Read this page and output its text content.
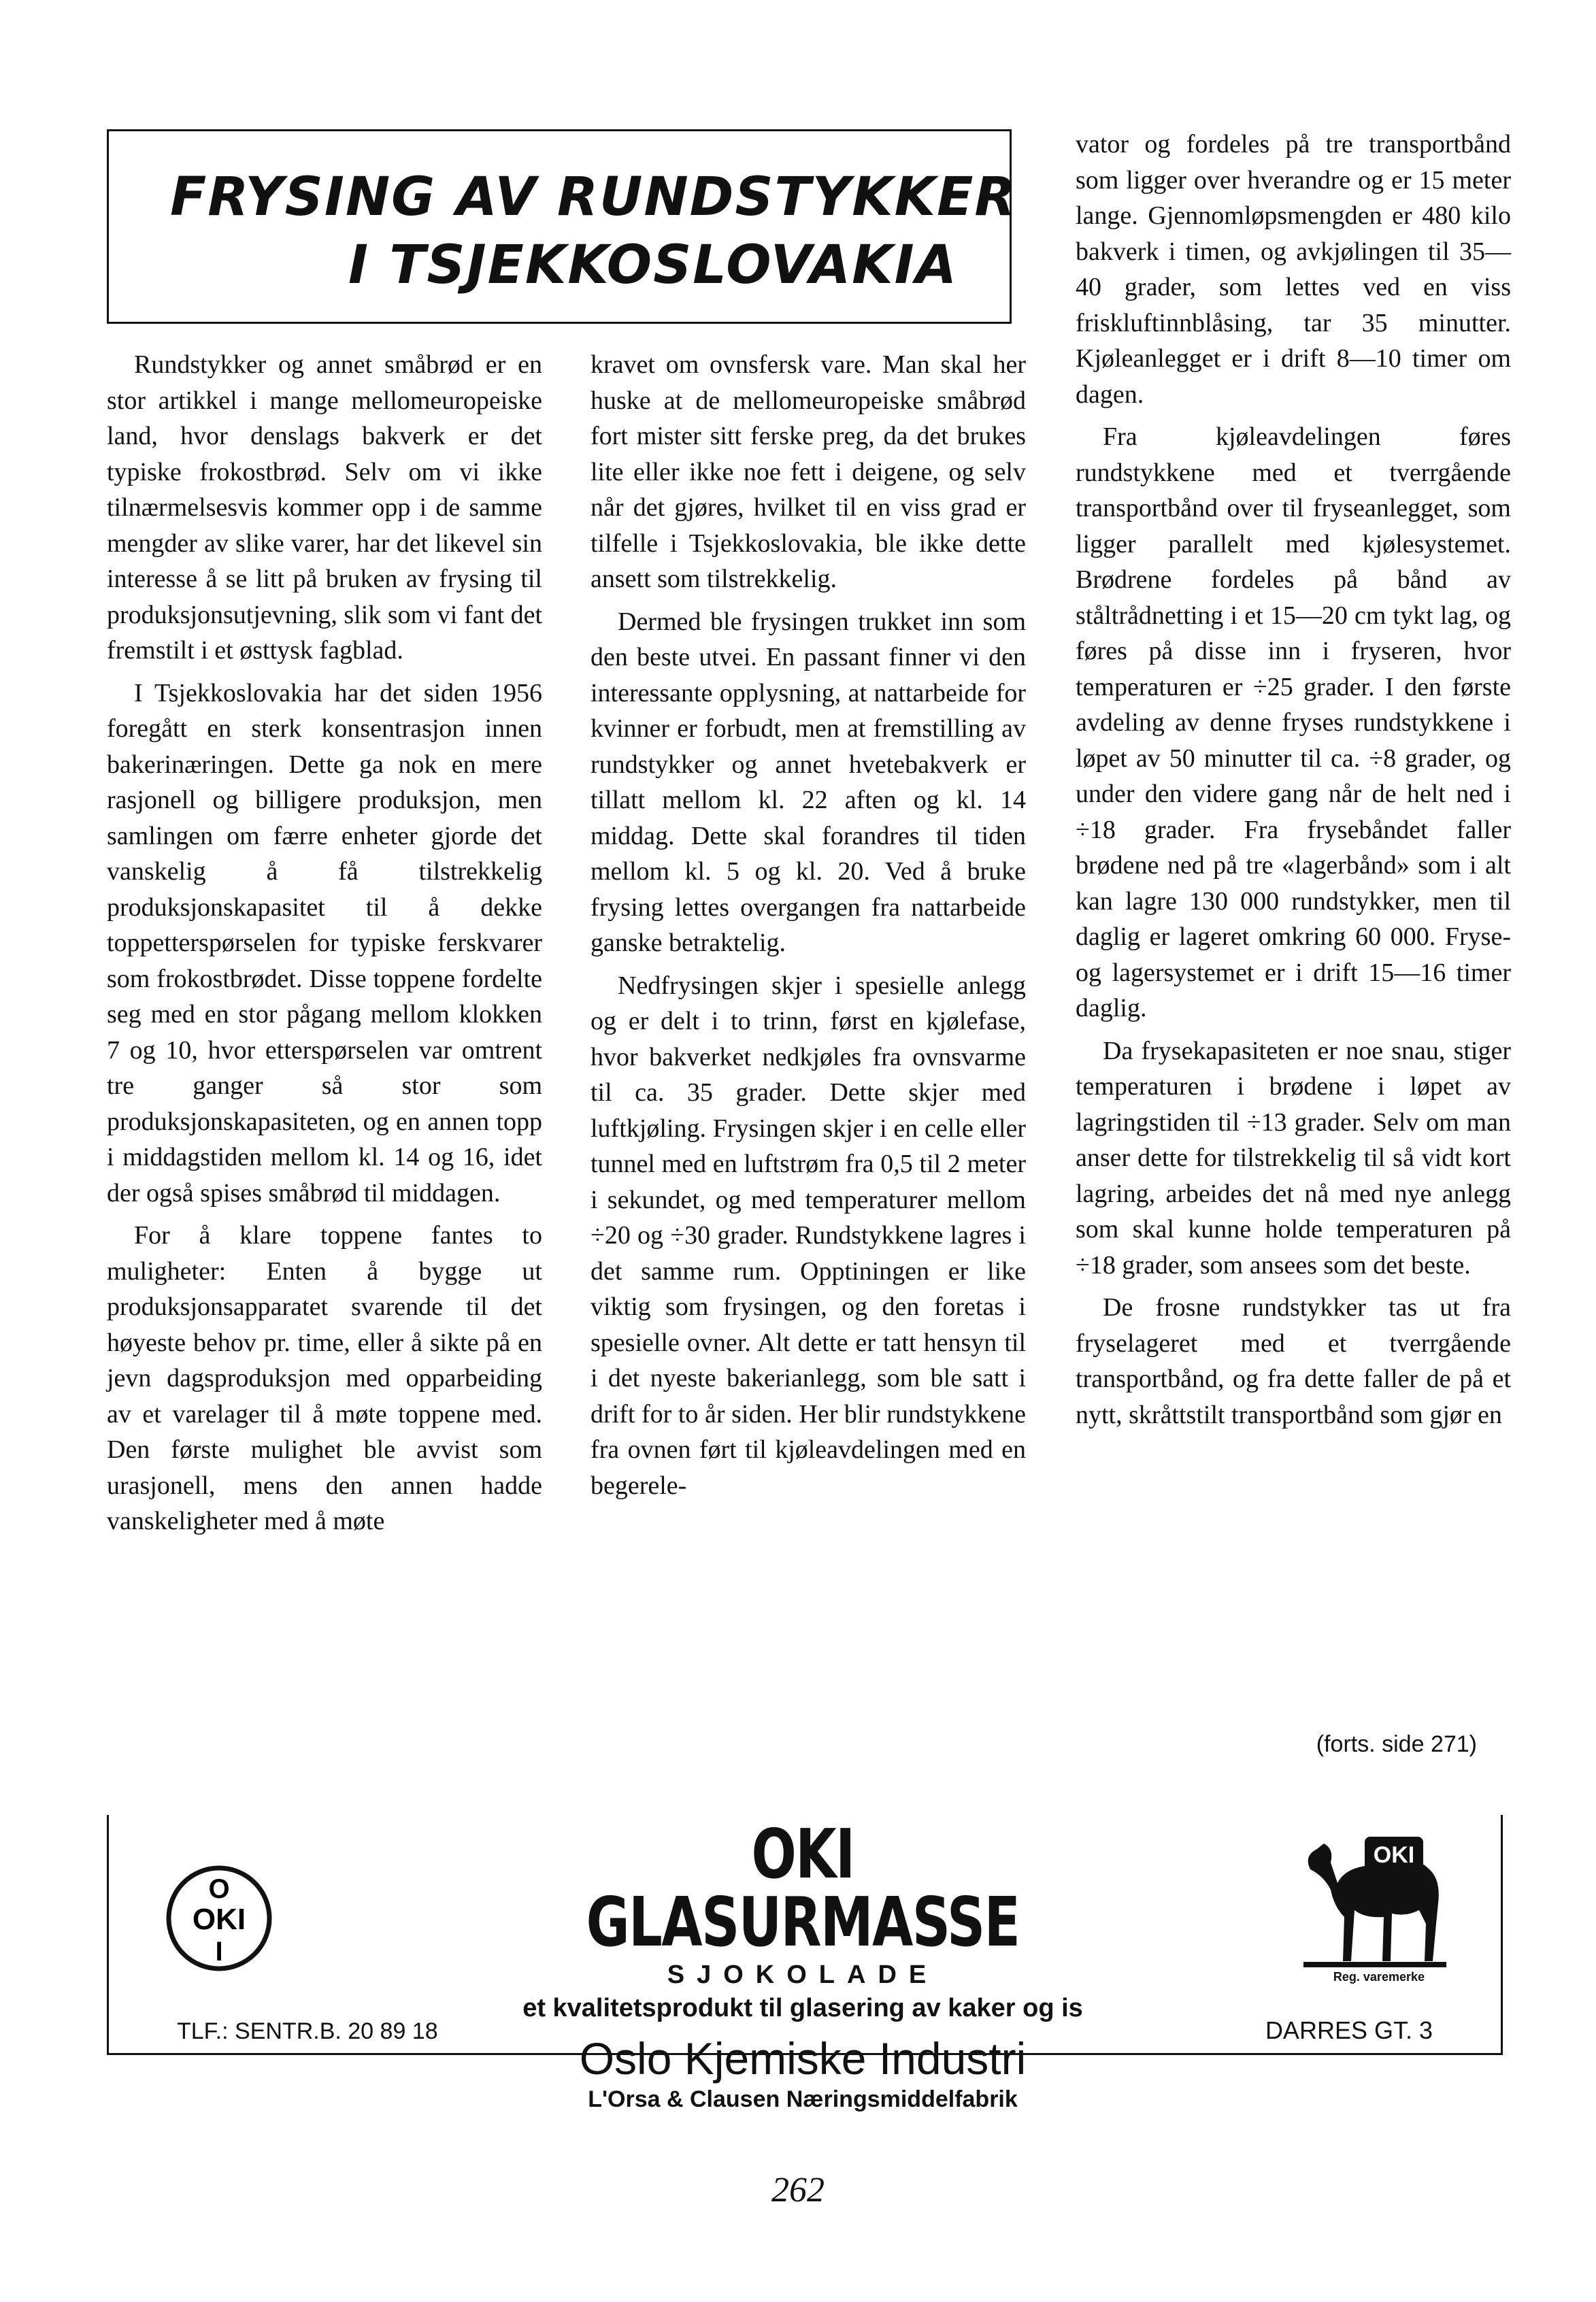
FRYSING AV RUNDSTYKKER
I TSJEKKOSLOVAKIA

Rundstykker og annet småbrød er en stor artikkel i mange mellomeuropeiske land, hvor denslags bakverk er det typiske frokostbrød. Selv om vi ikke tilnærmelsesvis kommer opp i de samme mengder av slike varer, har det likevel sin interesse å se litt på bruken av frysing til produksjonsutjevning, slik som vi fant det fremstilt i et østtysk fagblad.

I Tsjekkoslovakia har det siden 1956 foregått en sterk konsentrasjon innen bakerinæringen. Dette ga nok en mere rasjonell og billigere produksjon, men samlingen om færre enheter gjorde det vanskelig å få tilstrekkelig produksjonskapasitet til å dekke toppetterspørselen for typiske ferskvarer som frokostbrødet. Disse toppene fordelte seg med en stor pågang mellom klokken 7 og 10, hvor etterspørselen var omtrent tre ganger så stor som produksjonskapasiteten, og en annen topp i middagstiden mellom kl. 14 og 16, idet der også spises småbrød til middagen.

For å klare toppene fantes to muligheter: Enten å bygge ut produksjonsapparatet svarende til det høyeste behov pr. time, eller å sikte på en jevn dagsproduksjon med opparbeiding av et varelager til å møte toppene med. Den første mulighet ble avvist som urasjonell, mens den annen hadde vanskeligheter med å møte

kravet om ovnsfersk vare. Man skal her huske at de mellomeuropeiske småbrød fort mister sitt ferske preg, da det brukes lite eller ikke noe fett i deigene, og selv når det gjøres, hvilket til en viss grad er tilfelle i Tsjekkoslovakia, ble ikke dette ansett som tilstrekkelig.

Dermed ble frysingen trukket inn som den beste utvei. En passant finner vi den interessante opplysning, at nattarbeide for kvinner er forbudt, men at fremstilling av rundstykker og annet hvetebakverk er tillatt mellom kl. 22 aften og kl. 14 middag. Dette skal forandres til tiden mellom kl. 5 og kl. 20. Ved å bruke frysing lettes overgangen fra nattarbeide ganske betraktelig.

Nedfrysingen skjer i spesielle anlegg og er delt i to trinn, først en kjølefase, hvor bakverket nedkjøles fra ovnsvarme til ca. 35 grader. Dette skjer med luftkjøling. Frysingen skjer i en celle eller tunnel med en luftstrøm fra 0,5 til 2 meter i sekundet, og med temperaturer mellom ÷20 og ÷30 grader. Rundstykkene lagres i det samme rum. Opptiningen er like viktig som frysingen, og den foretas i spesielle ovner. Alt dette er tatt hensyn til i det nyeste bakerianlegg, som ble satt i drift for to år siden. Her blir rundstykkene fra ovnen ført til kjøleavdelingen med en begerele-

vator og fordeles på tre transportbånd som ligger over hverandre og er 15 meter lange. Gjennomløpsmengden er 480 kilo bakverk i timen, og avkjølingen til 35—40 grader, som lettes ved en viss friskluftinnblåsing, tar 35 minutter. Kjøleanlegget er i drift 8—10 timer om dagen.

Fra kjøleavdelingen føres rundstykkene med et tverrgående transportbånd over til fryseanlegget, som ligger parallelt med kjølesystemet. Brødrene fordeles på bånd av ståltrådnetting i et 15—20 cm tykt lag, og føres på disse inn i fryseren, hvor temperaturen er ÷25 grader. I den første avdeling av denne fryses rundstykkene i løpet av 50 minutter til ca. ÷8 grader, og under den videre gang når de helt ned i ÷18 grader. Fra frysebåndet faller brødene ned på tre «lagerbånd» som i alt kan lagre 130 000 rundstykker, men til daglig er lageret omkring 60 000. Fryse- og lagersystemet er i drift 15—16 timer daglig.

Da frysekapasiteten er noe snau, stiger temperaturen i brødene i løpet av lagringstiden til ÷13 grader. Selv om man anser dette for tilstrekkelig til så vidt kort lagring, arbeides det nå med nye anlegg som skal kunne holde temperaturen på ÷18 grader, som ansees som det beste.

De frosne rundstykker tas ut fra fryselageret med et tverrgående transportbånd, og fra dette faller de på et nytt, skråttstilt transportbånd som gjør en

(forts. side 271)
O
OKI
I
TLF.: SENTR.B. 20 89 18
OKI GLASURMASSE
SJOKOLADE
et kvalitetsprodukt til glasering av kaker og is
Oslo Kjemiske Industri
L'Orsa & Clausen Næringsmiddelfabrik
OKI
Reg. varemerke
DARRES GT. 3
262
